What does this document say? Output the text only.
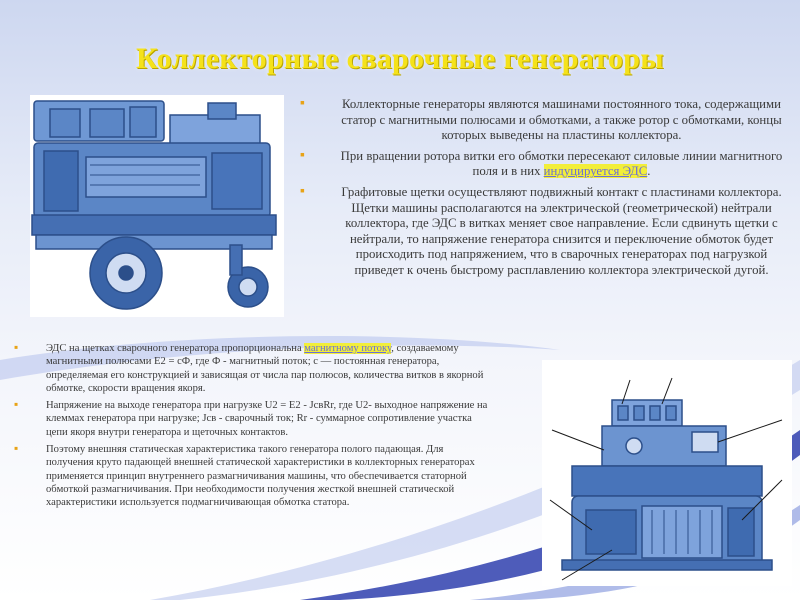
Коллекторные сварочные генераторы
▪	Коллекторные генераторы являются машинами постоянного тока, содержащими статор с магнитными полюсами и обмотками, а также ротор с обмотками, концы которых выведены на пластины коллектора.
▪	При вращении ротора витки его обмотки пересекают силовые линии магнитного поля и в них индуцируется ЭДС.
▪	Графитовые щетки осуществляют подвижный контакт с пластинами коллектора. Щетки машины располагаются на электрической (геометрической) нейтрали коллектора, где ЭДС в витках меняет свое направление. Если сдвинуть щетки с нейтрали, то напряжение генератора снизится и переключение обмоток будет происходить под напряжением, что в сварочных генераторах под нагрузкой приведет к очень быстрому расплавлению коллектора электрической дугой.
▪	ЭДС на щетках сварочного генератора пропорциональна магнитному потоку, создаваемому магнитными полюсами E2 = cФ, где Ф - магнитный поток; с — постоянная генератора, определяемая его конструкцией и зависящая от числа пар полюсов, количества витков в якорной обмотке, скорости вращения якоря.
▪	Напряжение на выходе генератора при нагрузке U2 = E2 - JсвRr, где U2- выходное напряжение на клеммах генератора при нагрузке; Jсв - сварочный ток; Rr - суммарное сопротивление участка цепи якоря внутри генератора и щеточных контактов.
▪	Поэтому внешняя статическая характеристика такого генератора полого падающая. Для получения круто падающей внешней статической характеристики в коллекторных генераторах применяется принцип внутреннего размагничивания машины, что обеспечивается статорной обмоткой размагничивания. При необходимости получения жесткой внешней статической характеристики используется подмагничивающая обмотка статора.
